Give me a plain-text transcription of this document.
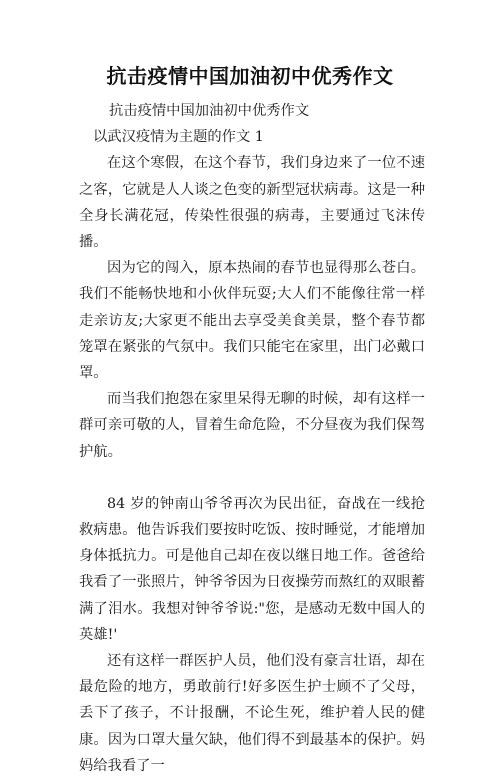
抗击疫情中国加油初中优秀作文

抗击疫情中国加油初中优秀作文

以武汉疫情为主题的作文 1

在这个寒假，在这个春节，我们身边来了一位不速之客，它就是人人谈之色变的新型冠状病毒。这是一种全身长满花冠，传染性很强的病毒，主要通过飞沫传播。

因为它的闯入，原本热闹的春节也显得那么苍白。我们不能畅快地和小伙伴玩耍;大人们不能像往常一样走亲访友;大家更不能出去享受美食美景，整个春节都笼罩在紧张的气氛中。我们只能宅在家里，出门必戴口罩。

而当我们抱怨在家里呆得无聊的时候，却有这样一群可亲可敬的人，冒着生命危险，不分昼夜为我们保驾护航。

84 岁的钟南山爷爷再次为民出征，奋战在一线抢救病患。他告诉我们要按时吃饭、按时睡觉，才能增加身体抵抗力。可是他自己却在夜以继日地工作。爸爸给我看了一张照片，钟爷爷因为日夜操劳而熬红的双眼蓄满了泪水。我想对钟爷爷说:"您，是感动无数中国人的英雄!'

还有这样一群医护人员，他们没有豪言壮语，却在最危险的地方，勇敢前行!好多医生护士顾不了父母，丢下了孩子，不计报酬，不论生死，维护着人民的健康。因为口罩大量欠缺，他们得不到最基本的保护。妈妈给我看了一
